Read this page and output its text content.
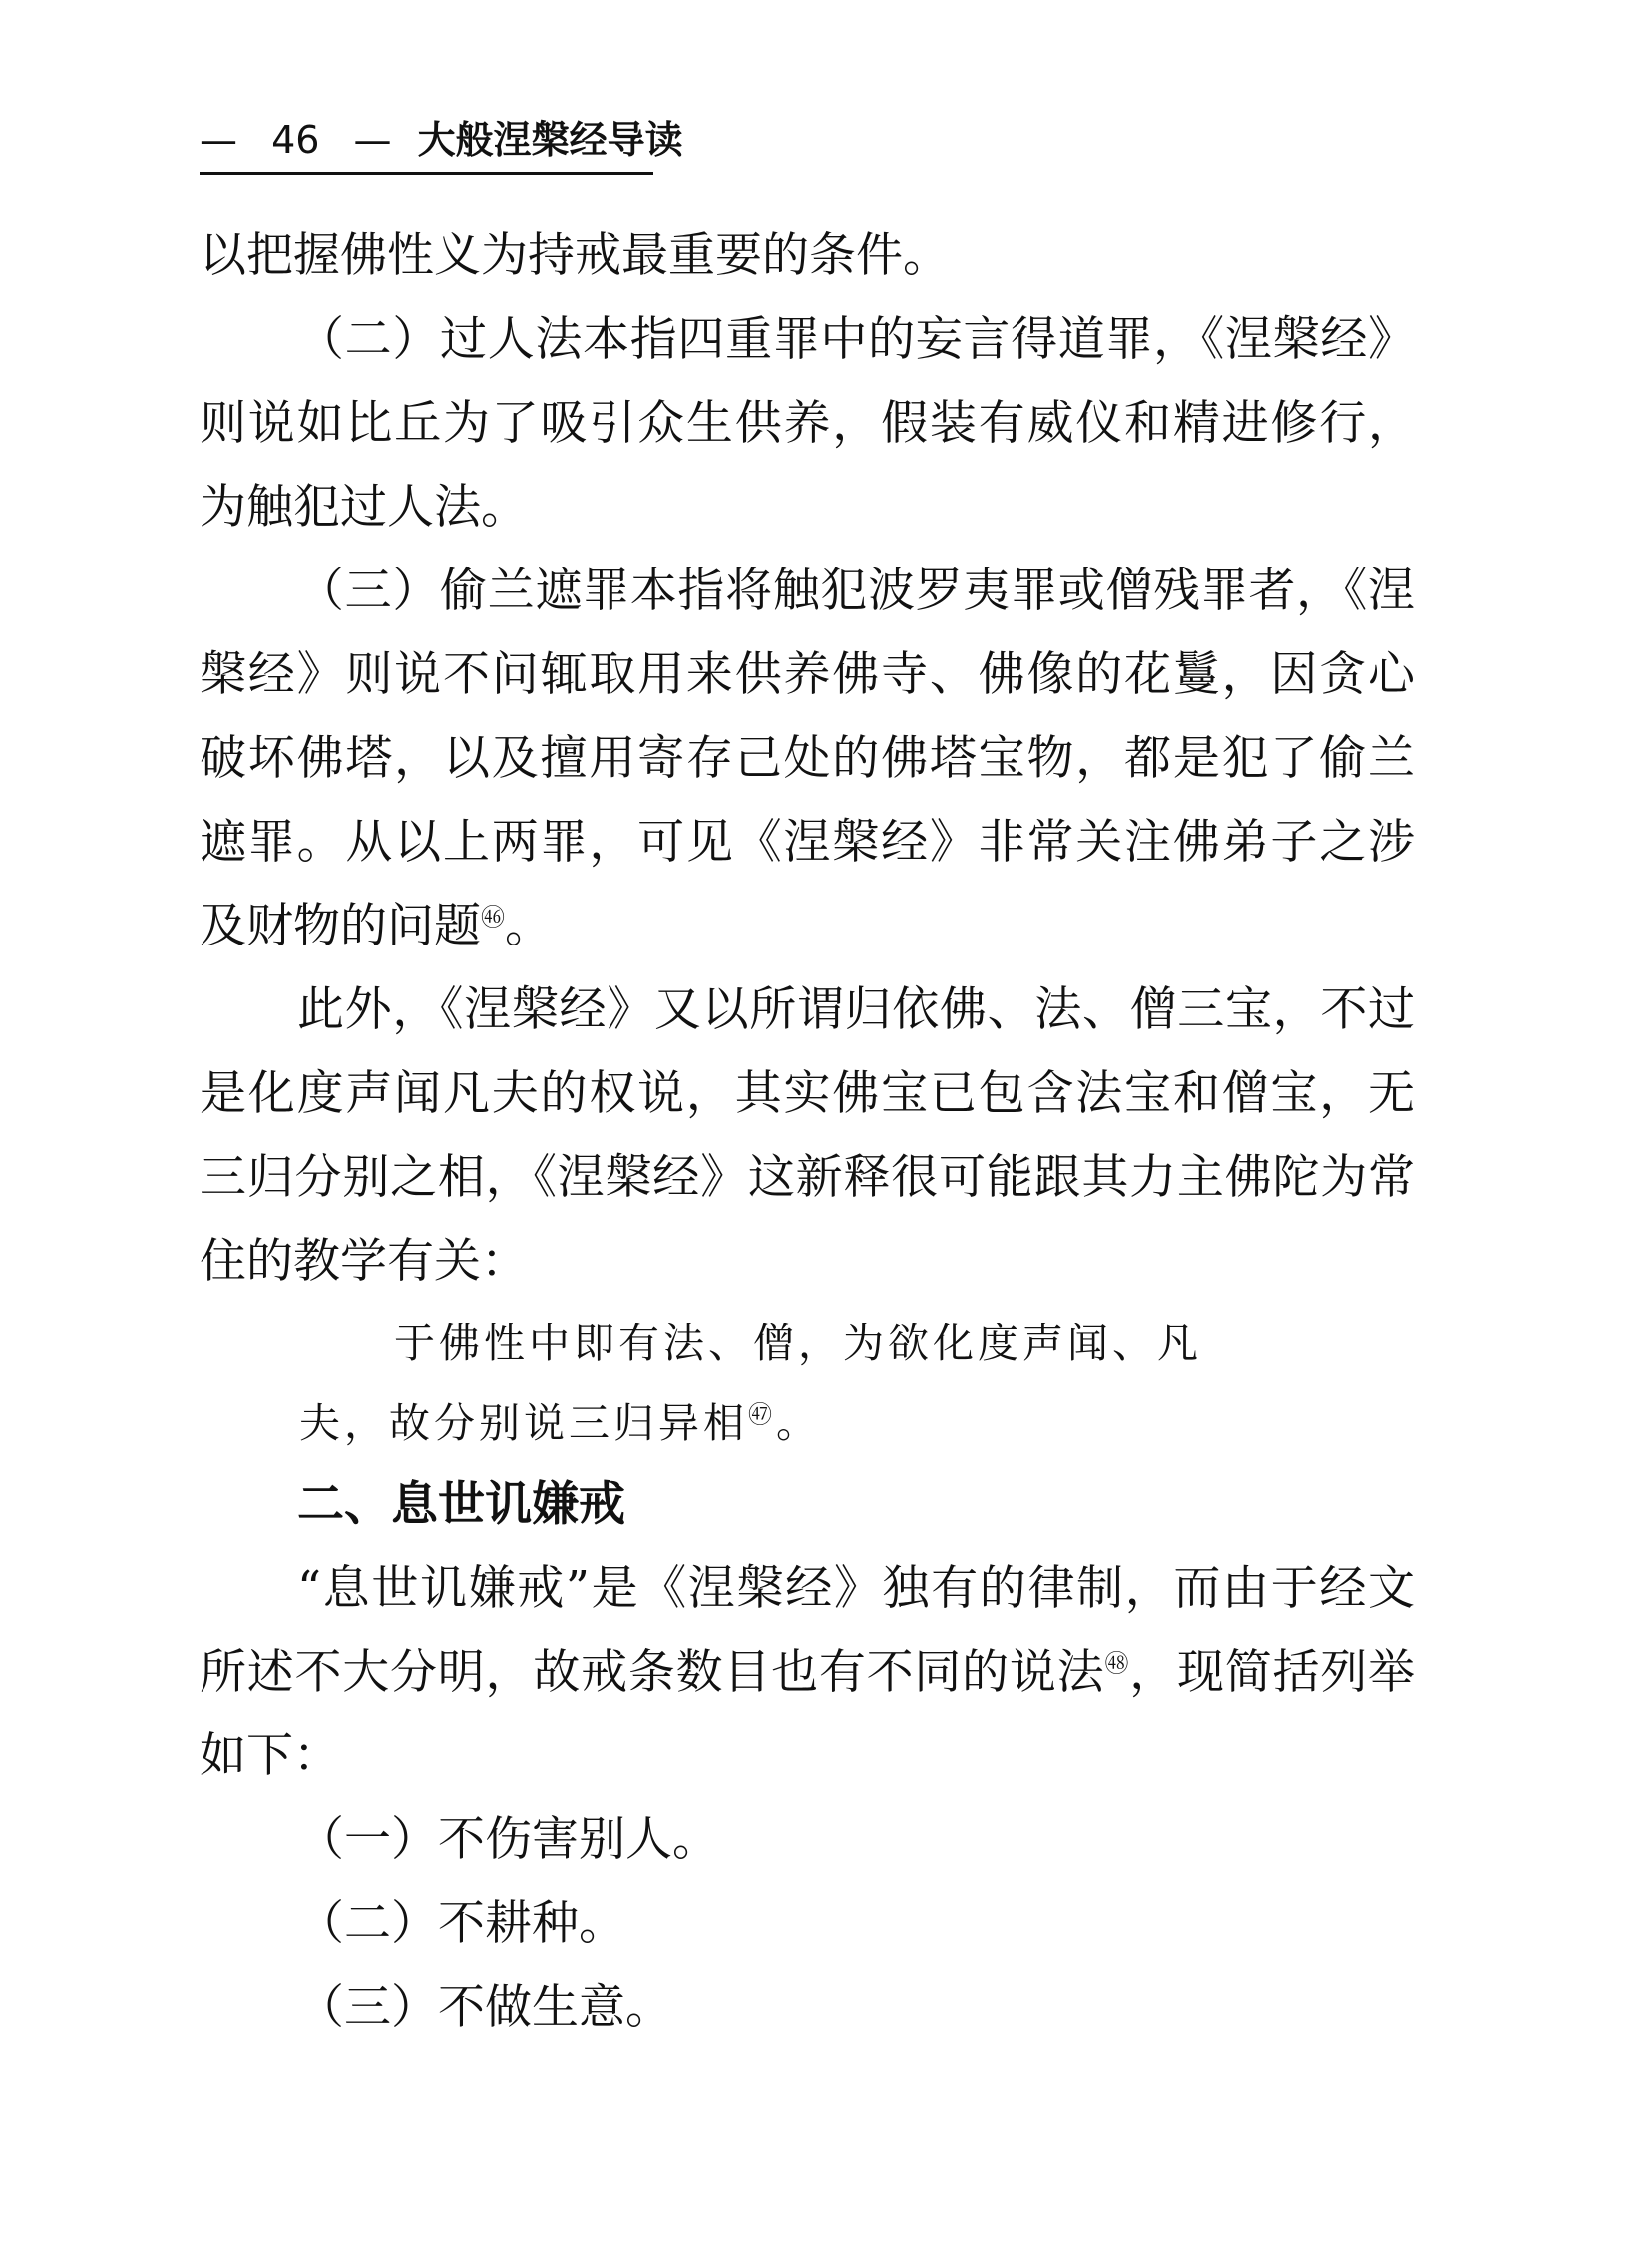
— 46 — 大般涅槃经导读

以把握佛性义为持戒最重要的条件。

（二）过人法本指四重罪中的妄言得道罪，《涅槃经》则说如比丘为了吸引众生供养，假装有威仪和精进修行，为触犯过人法。

（三）偷兰遮罪本指将触犯波罗夷罪或僧残罪者，《涅槃经》则说不问辄取用来供养佛寺、佛像的花鬘，因贪心破坏佛塔，以及擅用寄存己处的佛塔宝物，都是犯了偷兰遮罪。从以上两罪，可见《涅槃经》非常关注佛弟子之涉及财物的问题$^㊻$。

此外，《涅槃经》又以所谓归依佛、法、僧三宝，不过是化度声闻凡夫的权说，其实佛宝已包含法宝和僧宝，无三归分别之相，《涅槃经》这新释很可能跟其力主佛陀为常住的教学有关：

于佛性中即有法、僧，为欲化度声闻、凡
夫，故分别说三归异相$^㊼$。

二、息世讥嫌戒

“息世讥嫌戒”是《涅槃经》独有的律制，而由于经文所述不大分明，故戒条数目也有不同的说法$^㊽$，现简括列举如下：

（一）不伤害别人。

（二）不耕种。

（三）不做生意。
